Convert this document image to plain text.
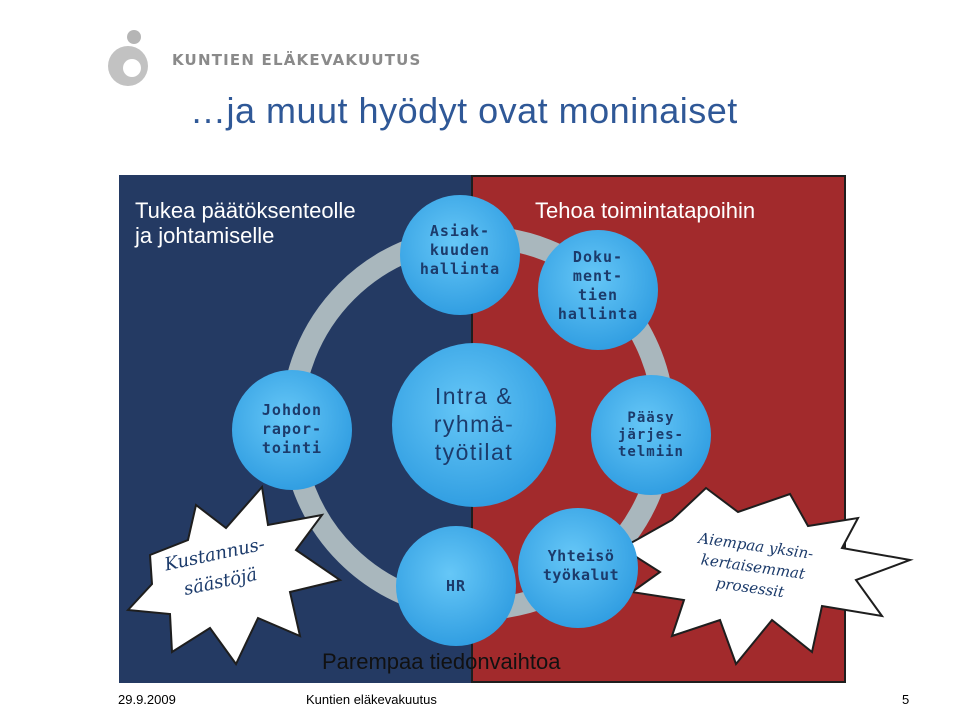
KUNTIEN ELÄKEVAKUUTUS
…ja muut hyödyt ovat moninaiset
Tukea päätöksenteolle
ja johtamiselle
Tehoa toimintatapoihin
Parempaa tiedonvaihtoa
Asiak-
kuuden
hallinta
Doku-
ment-
tien
hallinta
Johdon
rapor-
tointi
Intra &
ryhmä-
työtilat
Pääsy
järjes-
telmiin
HR
Yhteisö
työkalut
Kustannus-
säästöjä
Aiempaa yksin-
kertaisemmat
prosessit
29.9.2009	Kuntien eläkevakuutus	5
